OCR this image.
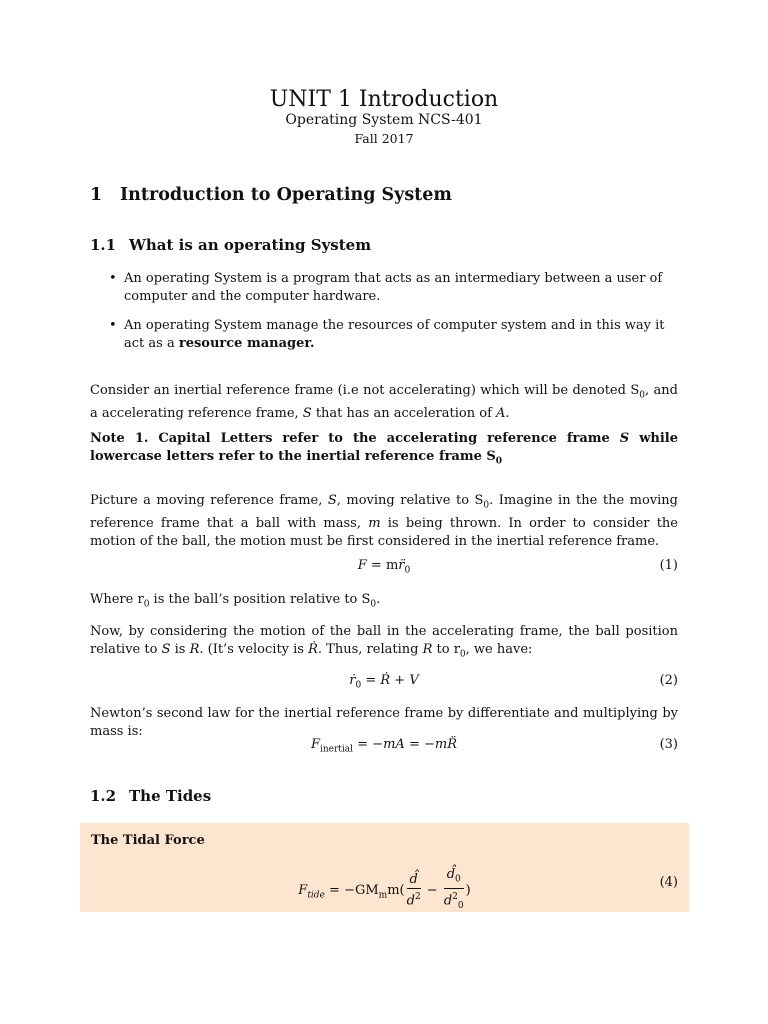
UNIT 1 Introduction
Operating System NCS-401
Fall 2017
1 Introduction to Operating System
1.1 What is an operating System
• An operating System is a program that acts as an intermediary between a user of computer and the computer hardware.
• An operating System manage the resources of computer system and in this way it act as a resource manager.
Consider an inertial reference frame (i.e not accelerating) which will be denoted $S_0$, and a accelerating reference frame, S that has an acceleration of A.
Note 1. Capital Letters refer to the accelerating reference frame S while lowercase letters refer to the inertial reference frame $S_0$
Picture a moving reference frame, S, moving relative to $S_0$. Imagine in the the moving reference frame that a ball with mass, m is being thrown. In order to consider the motion of the ball, the motion must be first considered in the inertial reference frame.
$F = mr̈_0$	(1)
Where $r_0$ is the ball’s position relative to $S_0$.
Now, by considering the motion of the ball in the accelerating frame, the ball position relative to S is R. (It’s velocity is Ṙ. Thus, relating R to $r_0$, we have:
ṙ$_0$ = Ṙ + V	(2)
Newton’s second law for the inertial reference frame by differentiate and multiplying by mass is:
$F_{inertial} = -mA$ = −mR̈	(3)
1.2 The Tides
The Tidal Force
$F_{tide} = -GM_mm( \frac{d̂}{d^2} - \frac{d̂_0}{d^2_0}$ )
(4)
